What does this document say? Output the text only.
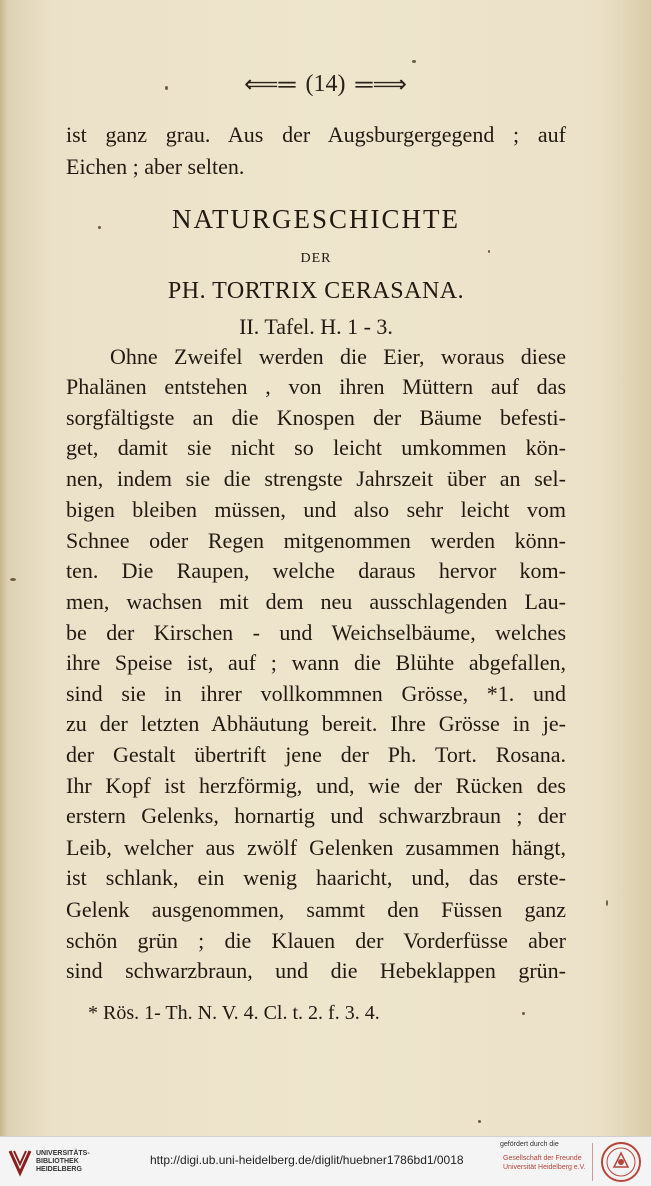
⟸═ (14) ═⟹
ist ganz grau. Aus der Augsburgergegend ; auf
Eichen ; aber selten.
NATURGESCHICHTE
DER
PH. TORTRIX CERASANA.
II. Tafel. H. 1 - 3.
Ohne Zweifel werden die Eier, woraus diese
Phalänen entstehen , von ihren Müttern auf das
sorgfältigste an die Knospen der Bäume befesti-
get, damit sie nicht so leicht umkommen kön-
nen, indem sie die strengste Jahrszeit über an sel-
bigen bleiben müssen, und also sehr leicht vom
Schnee oder Regen mitgenommen werden könn-
ten. Die Raupen, welche daraus hervor kom-
men, wachsen mit dem neu ausschlagenden Lau-
be der Kirschen - und Weichselbäume, welches
ihre Speise ist, auf ; wann die Blühte abgefallen,
sind sie in ihrer vollkommnen Grösse, *1. und
zu der letzten Abhäutung bereit. Ihre Grösse in je-
der Gestalt übertrift jene der Ph. Tort. Rosana.
Ihr Kopf ist herzförmig, und, wie der Rücken des
erstern Gelenks, hornartig und schwarzbraun ; der
Leib, welcher aus zwölf Gelenken zusammen hängt,
ist schlank, ein wenig haaricht, und, das erste-
Gelenk ausgenommen, sammt den Füssen ganz
schön grün ; die Klauen der Vorderfüsse aber
sind schwarzbraun, und die Hebeklappen grün-
* Rös. 1- Th. N. V. 4. Cl. t. 2. f. 3. 4.
UNIVERSITÄTS-
BIBLIOTHEK
HEIDELBERG
http://digi.ub.uni-heidelberg.de/diglit/huebner1786bd1/0018
gefördert durch die
Gesellschaft der Freunde
Universität Heidelberg e.V.
